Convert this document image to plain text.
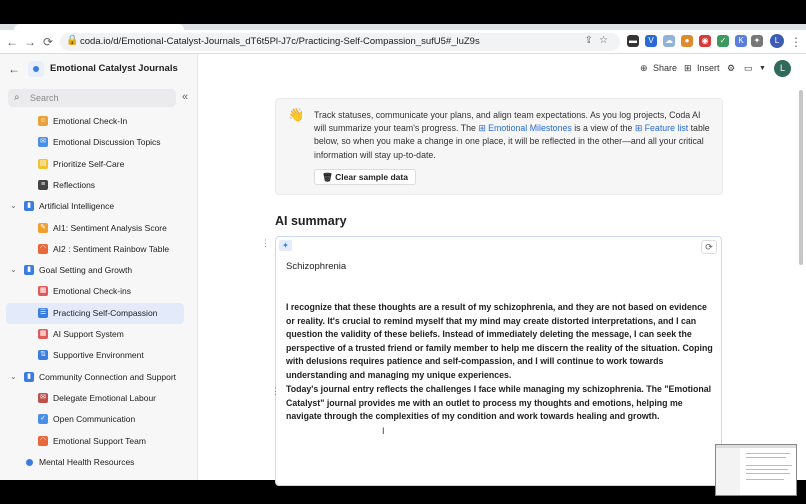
← → ⟳ 🔒 coda.io/d/Emotional-Catalyst-Journals_dT6t5Pl-J7c/Practicing-Self-Compassion_sufU5#_luZ9s	⇪☆ ▬	V	☁	●	◉	✓	K	✦	L ⋮
←	Emotional Catalyst Journals
⌕ Search	«
☺ Emotional Check-In
✉ Emotional Discussion Topics
▤ Prioritize Self-Care
≡ Reflections
⌄	▮ Artificial Intelligence
✎ AI1: Sentiment Analysis Score
◠ AI2 : Sentiment Rainbow Table
⌄	▮ Goal Setting and Growth
▦ Emotional Check-ins
☰ Practicing Self-Compassion
▦ AI Support System
⇅ Supportive Environment
⌄	▮ Community Connection and Support
✉ Delegate Emotional Labour
✓ Open Communication
◠ Emotional Support Team
Mental Health Resources
⊕ Share ⊞ Insert ⚙ ▭ ▼	L
👋 Track statuses, communicate your plans, and align team expectations. As you log projects, Coda AI will summarize your team's progress. The ⊞ Emotional Milestones is a view of the ⊞ Feature list table below, so when you make a change in one place, it will be reflected in the other—and all your critical information will stay up-to-date.
🗑 Clear sample data
AI summary
⋮	✦	⟳
Schizophrenia
I recognize that these thoughts are a result of my schizophrenia, and they are not based on evidence or reality. It's crucial to remind myself that my mind may create distorted interpretations, and I can question the validity of these beliefs. Instead of immediately deleting the message, I can seek the perspective of a trusted friend or family member to help me discern the reality of the situation. Coping with delusions requires patience and self-compassion, and I will continue to work towards understanding and managing my unique experiences.
Today's journal entry reflects the challenges I face while managing my schizophrenia. The "Emotional Catalyst" journal provides me with an outlet to process my thoughts and emotions, helping me navigate through the complexities of my condition and work towards healing and growth.
⋮
I
